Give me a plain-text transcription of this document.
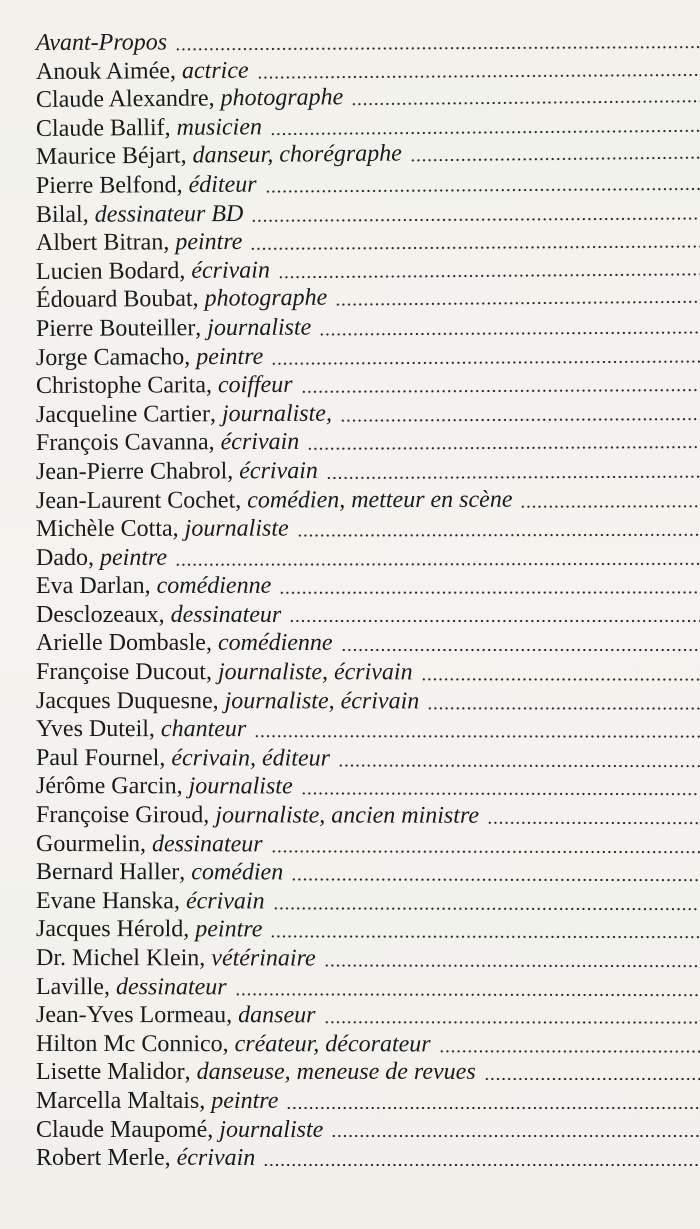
Avant-Propos
Anouk Aimée , actrice
Claude Alexandre , photographe
Claude Ballif , musicien
Maurice Béjart , danseur, chorégraphe
Pierre Belfond , éditeur
Bilal , dessinateur BD
Albert Bitran , peintre
Lucien Bodard , écrivain
Édouard Boubat , photographe
Pierre Bouteiller , journaliste
Jorge Camacho , peintre
Christophe Carita , coiffeur
Jacqueline Cartier , journaliste,
François Cavanna , écrivain
Jean-Pierre Chabrol , écrivain
Jean-Laurent Cochet , comédien, metteur en scène
Michèle Cotta , journaliste
Dado , peintre
Eva Darlan , comédienne
Desclozeaux , dessinateur
Arielle Dombasle , comédienne
Françoise Ducout , journaliste, écrivain
Jacques Duquesne , journaliste, écrivain
Yves Duteil , chanteur
Paul Fournel , écrivain, éditeur
Jérôme Garcin , journaliste
Françoise Giroud , journaliste, ancien ministre
Gourmelin , dessinateur
Bernard Haller , comédien
Evane Hanska , écrivain
Jacques Hérold , peintre
Dr. Michel Klein , vétérinaire
Laville , dessinateur
Jean-Yves Lormeau , danseur
Hilton Mc Connico , créateur, décorateur
Lisette Malidor , danseuse, meneuse de revues
Marcella Maltais , peintre
Claude Maupomé , journaliste
Robert Merle , écrivain
